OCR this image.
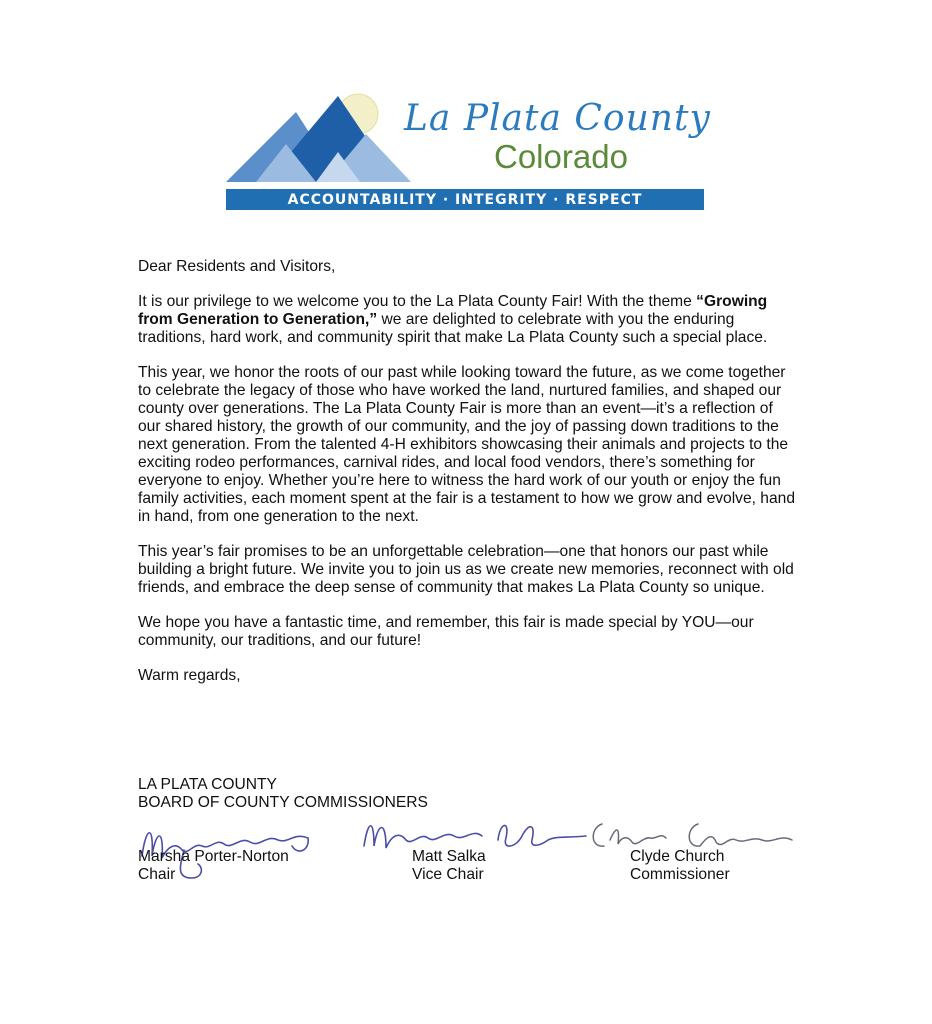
La Plata County
Colorado
ACCOUNTABILITY · INTEGRITY · RESPECT

Dear Residents and Visitors,

It is our privilege to we welcome you to the La Plata County Fair! With the theme “Growing from Generation to Generation,” we are delighted to celebrate with you the enduring traditions, hard work, and community spirit that make La Plata County such a special place.

This year, we honor the roots of our past while looking toward the future, as we come together to celebrate the legacy of those who have worked the land, nurtured families, and shaped our county over generations. The La Plata County Fair is more than an event—it’s a reflection of our shared history, the growth of our community, and the joy of passing down traditions to the next generation. From the talented 4-H exhibitors showcasing their animals and projects to the exciting rodeo performances, carnival rides, and local food vendors, there’s something for everyone to enjoy. Whether you’re here to witness the hard work of our youth or enjoy the fun family activities, each moment spent at the fair is a testament to how we grow and evolve, hand in hand, from one generation to the next.

This year’s fair promises to be an unforgettable celebration—one that honors our past while building a bright future. We invite you to join us as we create new memories, reconnect with old friends, and embrace the deep sense of community that makes La Plata County so unique.

We hope you have a fantastic time, and remember, this fair is made special by YOU—our community, our traditions, and our future!

Warm regards,

LA PLATA COUNTY
BOARD OF COUNTY COMMISSIONERS
Marsha Porter-Norton
Chair
Matt Salka
Vice Chair
Clyde Church
Commissioner
